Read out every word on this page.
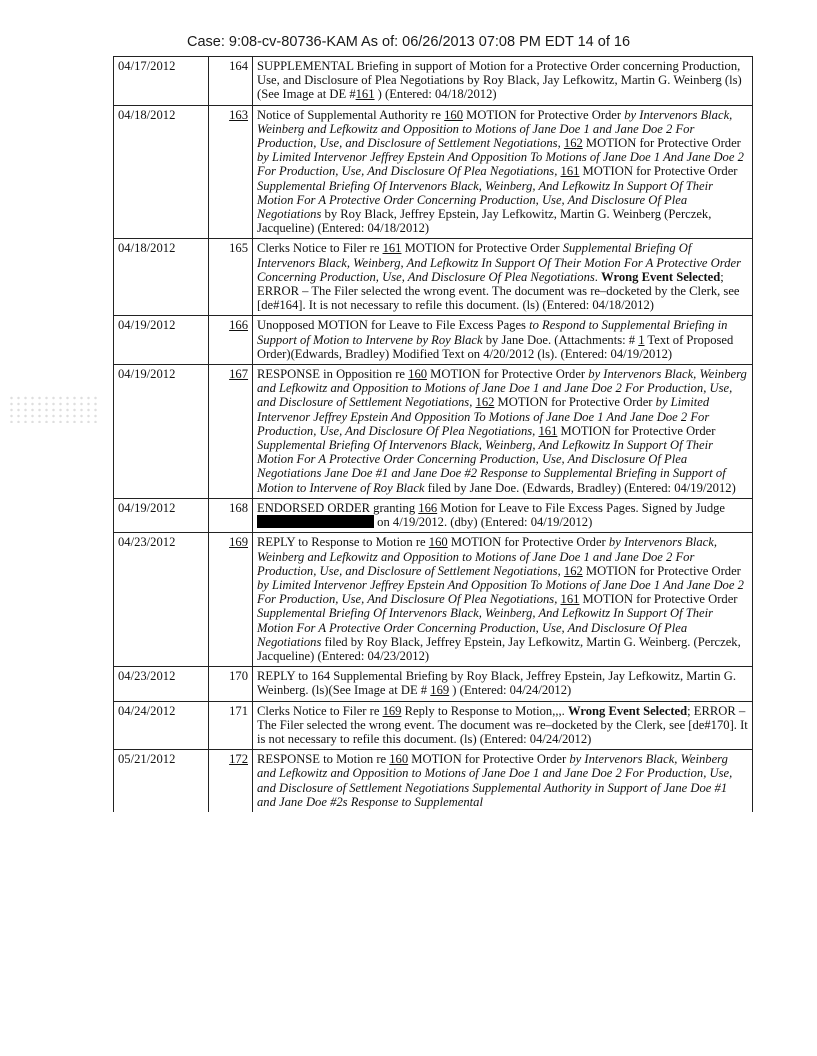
Case: 9:08-cv-80736-KAM As of: 06/26/2013 07:08 PM EDT 14 of 16
04/17/2012	164	SUPPLEMENTAL Briefing in support of Motion for a Protective Order concerning Production, Use, and Disclosure of Plea Negotiations by Roy Black, Jay Lefkowitz, Martin G. Weinberg (ls)(See Image at DE #161 ) (Entered: 04/18/2012)
04/18/2012	163	Notice of Supplemental Authority re 160 MOTION for Protective Order by Intervenors Black, Weinberg and Lefkowitz and Opposition to Motions of Jane Doe 1 and Jane Doe 2 For Production, Use, and Disclosure of Settlement Negotiations, 162 MOTION for Protective Order by Limited Intervenor Jeffrey Epstein And Opposition To Motions of Jane Doe 1 And Jane Doe 2 For Production, Use, And Disclosure Of Plea Negotiations, 161 MOTION for Protective Order Supplemental Briefing Of Intervenors Black, Weinberg, And Lefkowitz In Support Of Their Motion For A Protective Order Concerning Production, Use, And Disclosure Of Plea Negotiations by Roy Black, Jeffrey Epstein, Jay Lefkowitz, Martin G. Weinberg (Perczek, Jacqueline) (Entered: 04/18/2012)
04/18/2012	165	Clerks Notice to Filer re 161 MOTION for Protective Order Supplemental Briefing Of Intervenors Black, Weinberg, And Lefkowitz In Support Of Their Motion For A Protective Order Concerning Production, Use, And Disclosure Of Plea Negotiations. Wrong Event Selected; ERROR – The Filer selected the wrong event. The document was re–docketed by the Clerk, see [de#164]. It is not necessary to refile this document. (ls) (Entered: 04/18/2012)
04/19/2012	166	Unopposed MOTION for Leave to File Excess Pages to Respond to Supplemental Briefing in Support of Motion to Intervene by Roy Black by Jane Doe. (Attachments: # 1 Text of Proposed Order)(Edwards, Bradley) Modified Text on 4/20/2012 (ls). (Entered: 04/19/2012)
04/19/2012	167	RESPONSE in Opposition re 160 MOTION for Protective Order by Intervenors Black, Weinberg and Lefkowitz and Opposition to Motions of Jane Doe 1 and Jane Doe 2 For Production, Use, and Disclosure of Settlement Negotiations, 162 MOTION for Protective Order by Limited Intervenor Jeffrey Epstein And Opposition To Motions of Jane Doe 1 And Jane Doe 2 For Production, Use, And Disclosure Of Plea Negotiations, 161 MOTION for Protective Order Supplemental Briefing Of Intervenors Black, Weinberg, And Lefkowitz In Support Of Their Motion For A Protective Order Concerning Production, Use, And Disclosure Of Plea Negotiations Jane Doe #1 and Jane Doe #2 Response to Supplemental Briefing in Support of Motion to Intervene of Roy Black filed by Jane Doe. (Edwards, Bradley) (Entered: 04/19/2012)
04/19/2012	168	ENDORSED ORDER granting 166 Motion for Leave to File Excess Pages. Signed by Judge  on 4/19/2012. (dby) (Entered: 04/19/2012)
04/23/2012	169	REPLY to Response to Motion re 160 MOTION for Protective Order by Intervenors Black, Weinberg and Lefkowitz and Opposition to Motions of Jane Doe 1 and Jane Doe 2 For Production, Use, and Disclosure of Settlement Negotiations, 162 MOTION for Protective Order by Limited Intervenor Jeffrey Epstein And Opposition To Motions of Jane Doe 1 And Jane Doe 2 For Production, Use, And Disclosure Of Plea Negotiations, 161 MOTION for Protective Order Supplemental Briefing Of Intervenors Black, Weinberg, And Lefkowitz In Support Of Their Motion For A Protective Order Concerning Production, Use, And Disclosure Of Plea Negotiations filed by Roy Black, Jeffrey Epstein, Jay Lefkowitz, Martin G. Weinberg. (Perczek, Jacqueline) (Entered: 04/23/2012)
04/23/2012	170	REPLY to 164 Supplemental Briefing by Roy Black, Jeffrey Epstein, Jay Lefkowitz, Martin G. Weinberg. (ls)(See Image at DE # 169 ) (Entered: 04/24/2012)
04/24/2012	171	Clerks Notice to Filer re 169 Reply to Response to Motion,,,. Wrong Event Selected; ERROR – The Filer selected the wrong event. The document was re–docketed by the Clerk, see [de#170]. It is not necessary to refile this document. (ls) (Entered: 04/24/2012)
05/21/2012	172	RESPONSE to Motion re 160 MOTION for Protective Order by Intervenors Black, Weinberg and Lefkowitz and Opposition to Motions of Jane Doe 1 and Jane Doe 2 For Production, Use, and Disclosure of Settlement Negotiations Supplemental Authority in Support of Jane Doe #1 and Jane Doe #2s Response to Supplemental
